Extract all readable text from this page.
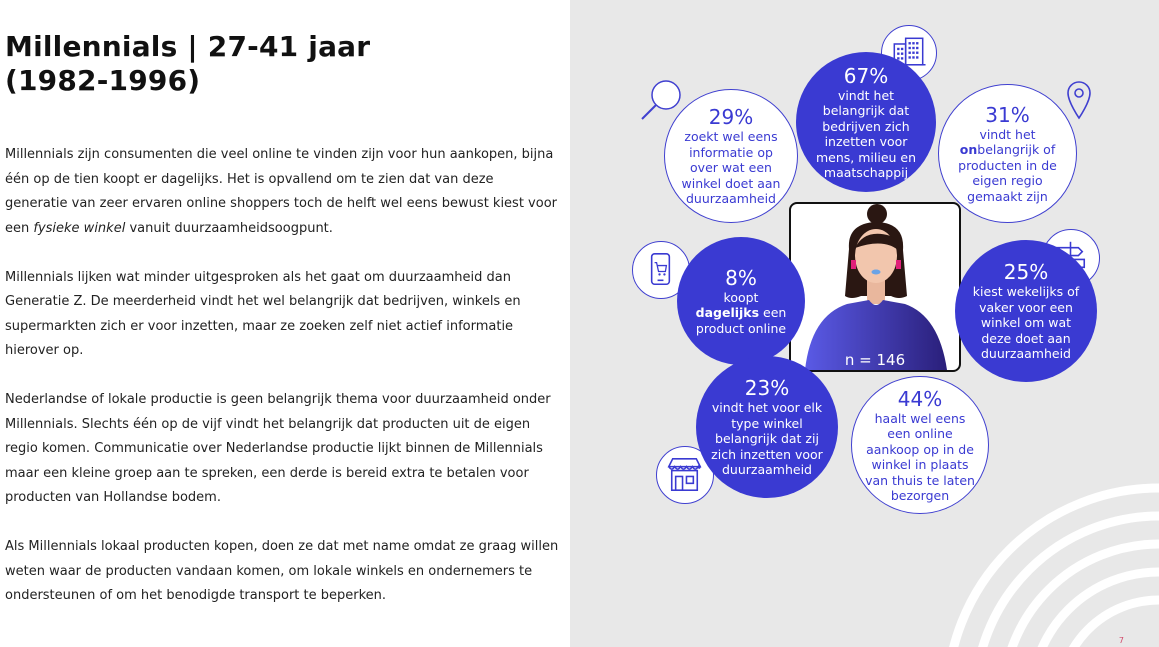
Millennials | 27-41 jaar
(1982-1996)

Millennials zijn consumenten die veel online te vinden zijn voor hun aankopen, bijna één op de tien koopt er dagelijks. Het is opvallend om te zien dat van deze generatie van zeer ervaren online shoppers toch de helft wel eens bewust kiest voor een fysieke winkel vanuit duurzaamheidsoogpunt.

Millennials lijken wat minder uitgesproken als het gaat om duurzaamheid dan Generatie Z. De meerderheid vindt het wel belangrijk dat bedrijven, winkels en supermarkten zich er voor inzetten, maar ze zoeken zelf niet actief informatie hierover op.

Nederlandse of lokale productie is geen belangrijk thema voor duurzaamheid onder Millennials. Slechts één op de vijf vindt het belangrijk dat producten uit de eigen regio komen. Communicatie over Nederlandse productie lijkt binnen de Millennials maar een kleine groep aan te spreken, een derde is bereid extra te betalen voor producten van Hollandse bodem.

Als Millennials lokaal producten kopen, doen ze dat met name omdat ze graag willen weten waar de producten vandaan komen, om lokale winkels en ondernemers te ondersteunen of om het benodigde transport te beperken.

29%
zoekt wel eens informatie op over wat een winkel doet aan duurzaamheid
67%
vindt het belangrijk dat bedrijven zich inzetten voor mens, milieu en maatschappij
31%
vindt het onbelangrijk of producten in de eigen regio gemaakt zijn
n = 146
8%
koopt dagelijks een product online
25%
kiest wekelijks of vaker voor een winkel om wat deze doet aan duurzaamheid
23%
vindt het voor elk type winkel belangrijk dat zij zich inzetten voor duurzaamheid
44%
haalt wel eens een online aankoop op in de winkel in plaats van thuis te laten bezorgen
7
